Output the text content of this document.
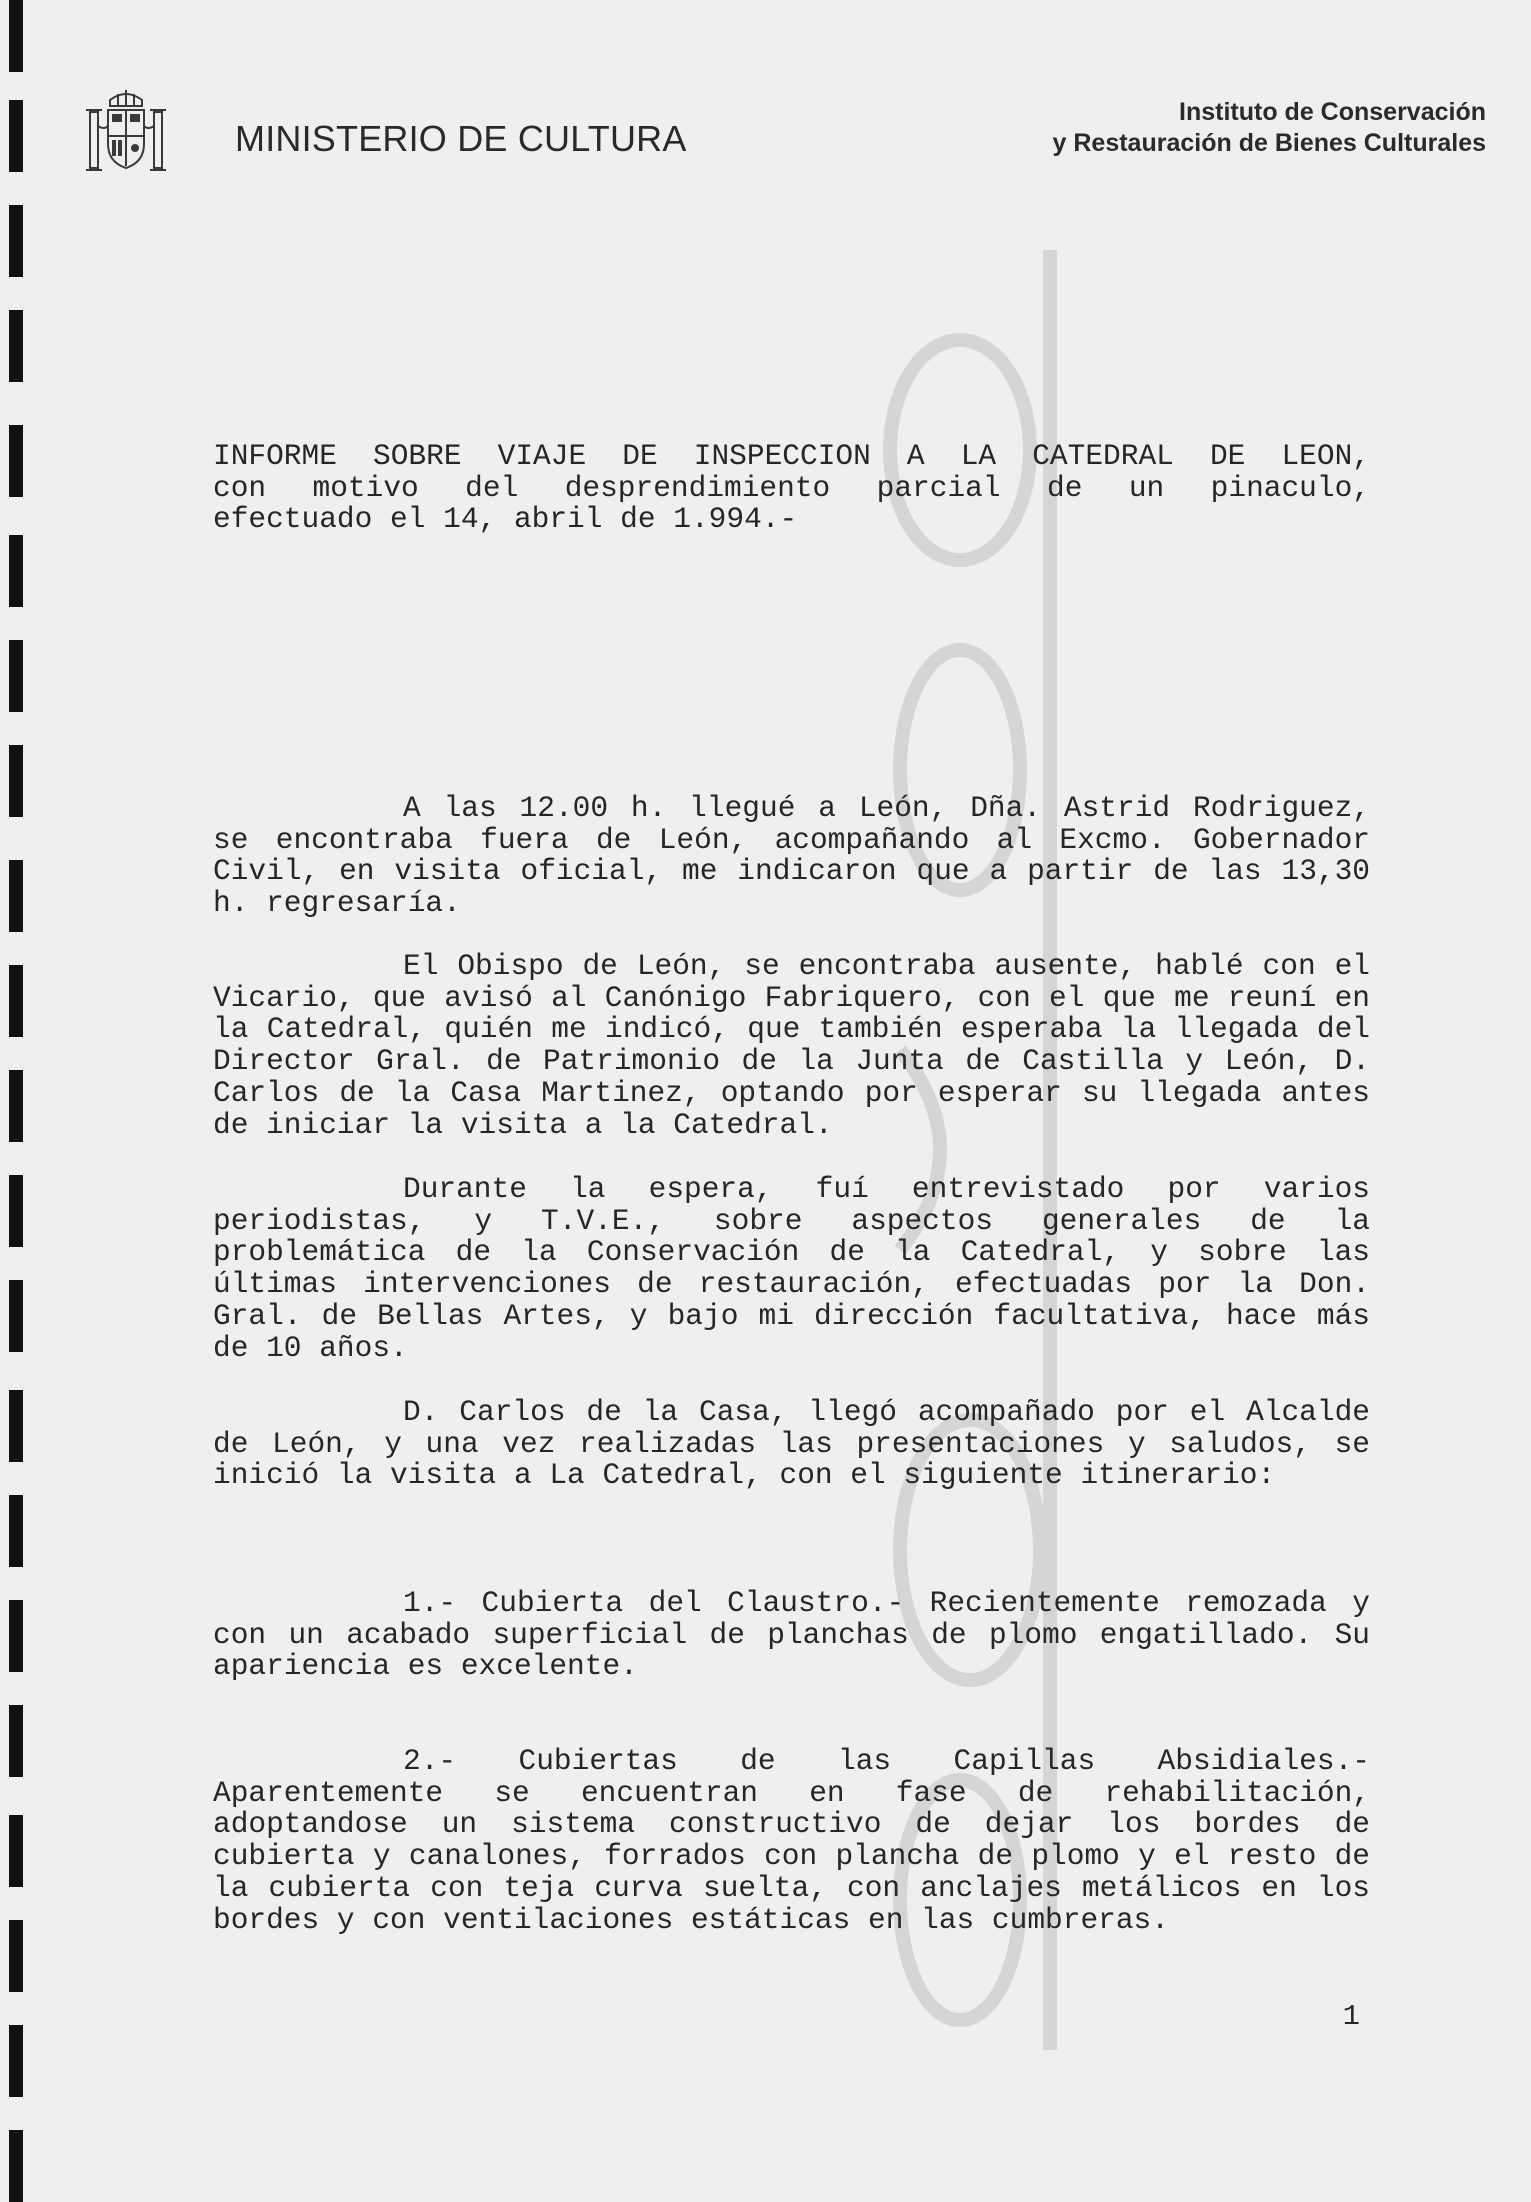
MINISTERIO DE CULTURA
Instituto de Conservación
y Restauración de Bienes Culturales

INFORME SOBRE VIAJE DE INSPECCION A LA CATEDRAL DE LEON,

con motivo del desprendimiento parcial de un pinaculo,

efectuado el 14, abril de 1.994.-

A las 12.00 h. llegué a León, Dña. Astrid Rodriguez, se encontraba fuera de León, acompañando al Excmo. Gobernador Civil, en visita oficial, me indicaron que a partir de las 13,30 h. regresaría.

El Obispo de León, se encontraba ausente, hablé con el Vicario, que avisó al Canónigo Fabriquero, con el que me reuní en la Catedral, quién me indicó, que también esperaba la llegada del Director Gral. de Patrimonio de la Junta de Castilla y León, D. Carlos de la Casa Martinez, optando por esperar su llegada antes de iniciar la visita a la Catedral.

Durante la espera, fuí entrevistado por varios periodistas, y T.V.E., sobre aspectos generales de la problemática de la Conservación de la Catedral, y sobre las últimas intervenciones de restauración, efectuadas por la Don. Gral. de Bellas Artes, y bajo mi dirección facultativa, hace más de 10 años.

D. Carlos de la Casa, llegó acompañado por el Alcalde de León, y una vez realizadas las presentaciones y saludos, se inició la visita a La Catedral, con el siguiente itinerario:

1.- Cubierta del Claustro.- Recientemente remozada y con un acabado superficial de planchas de plomo engatillado. Su apariencia es excelente.

2.- Cubiertas de las Capillas Absidiales.- Aparentemente se encuentran en fase de rehabilitación, adoptandose un sistema constructivo de dejar los bordes de cubierta y canalones, forrados con plancha de plomo y el resto de la cubierta con teja curva suelta, con anclajes metálicos en los bordes y con ventilaciones estáticas en las cumbreras.

1
